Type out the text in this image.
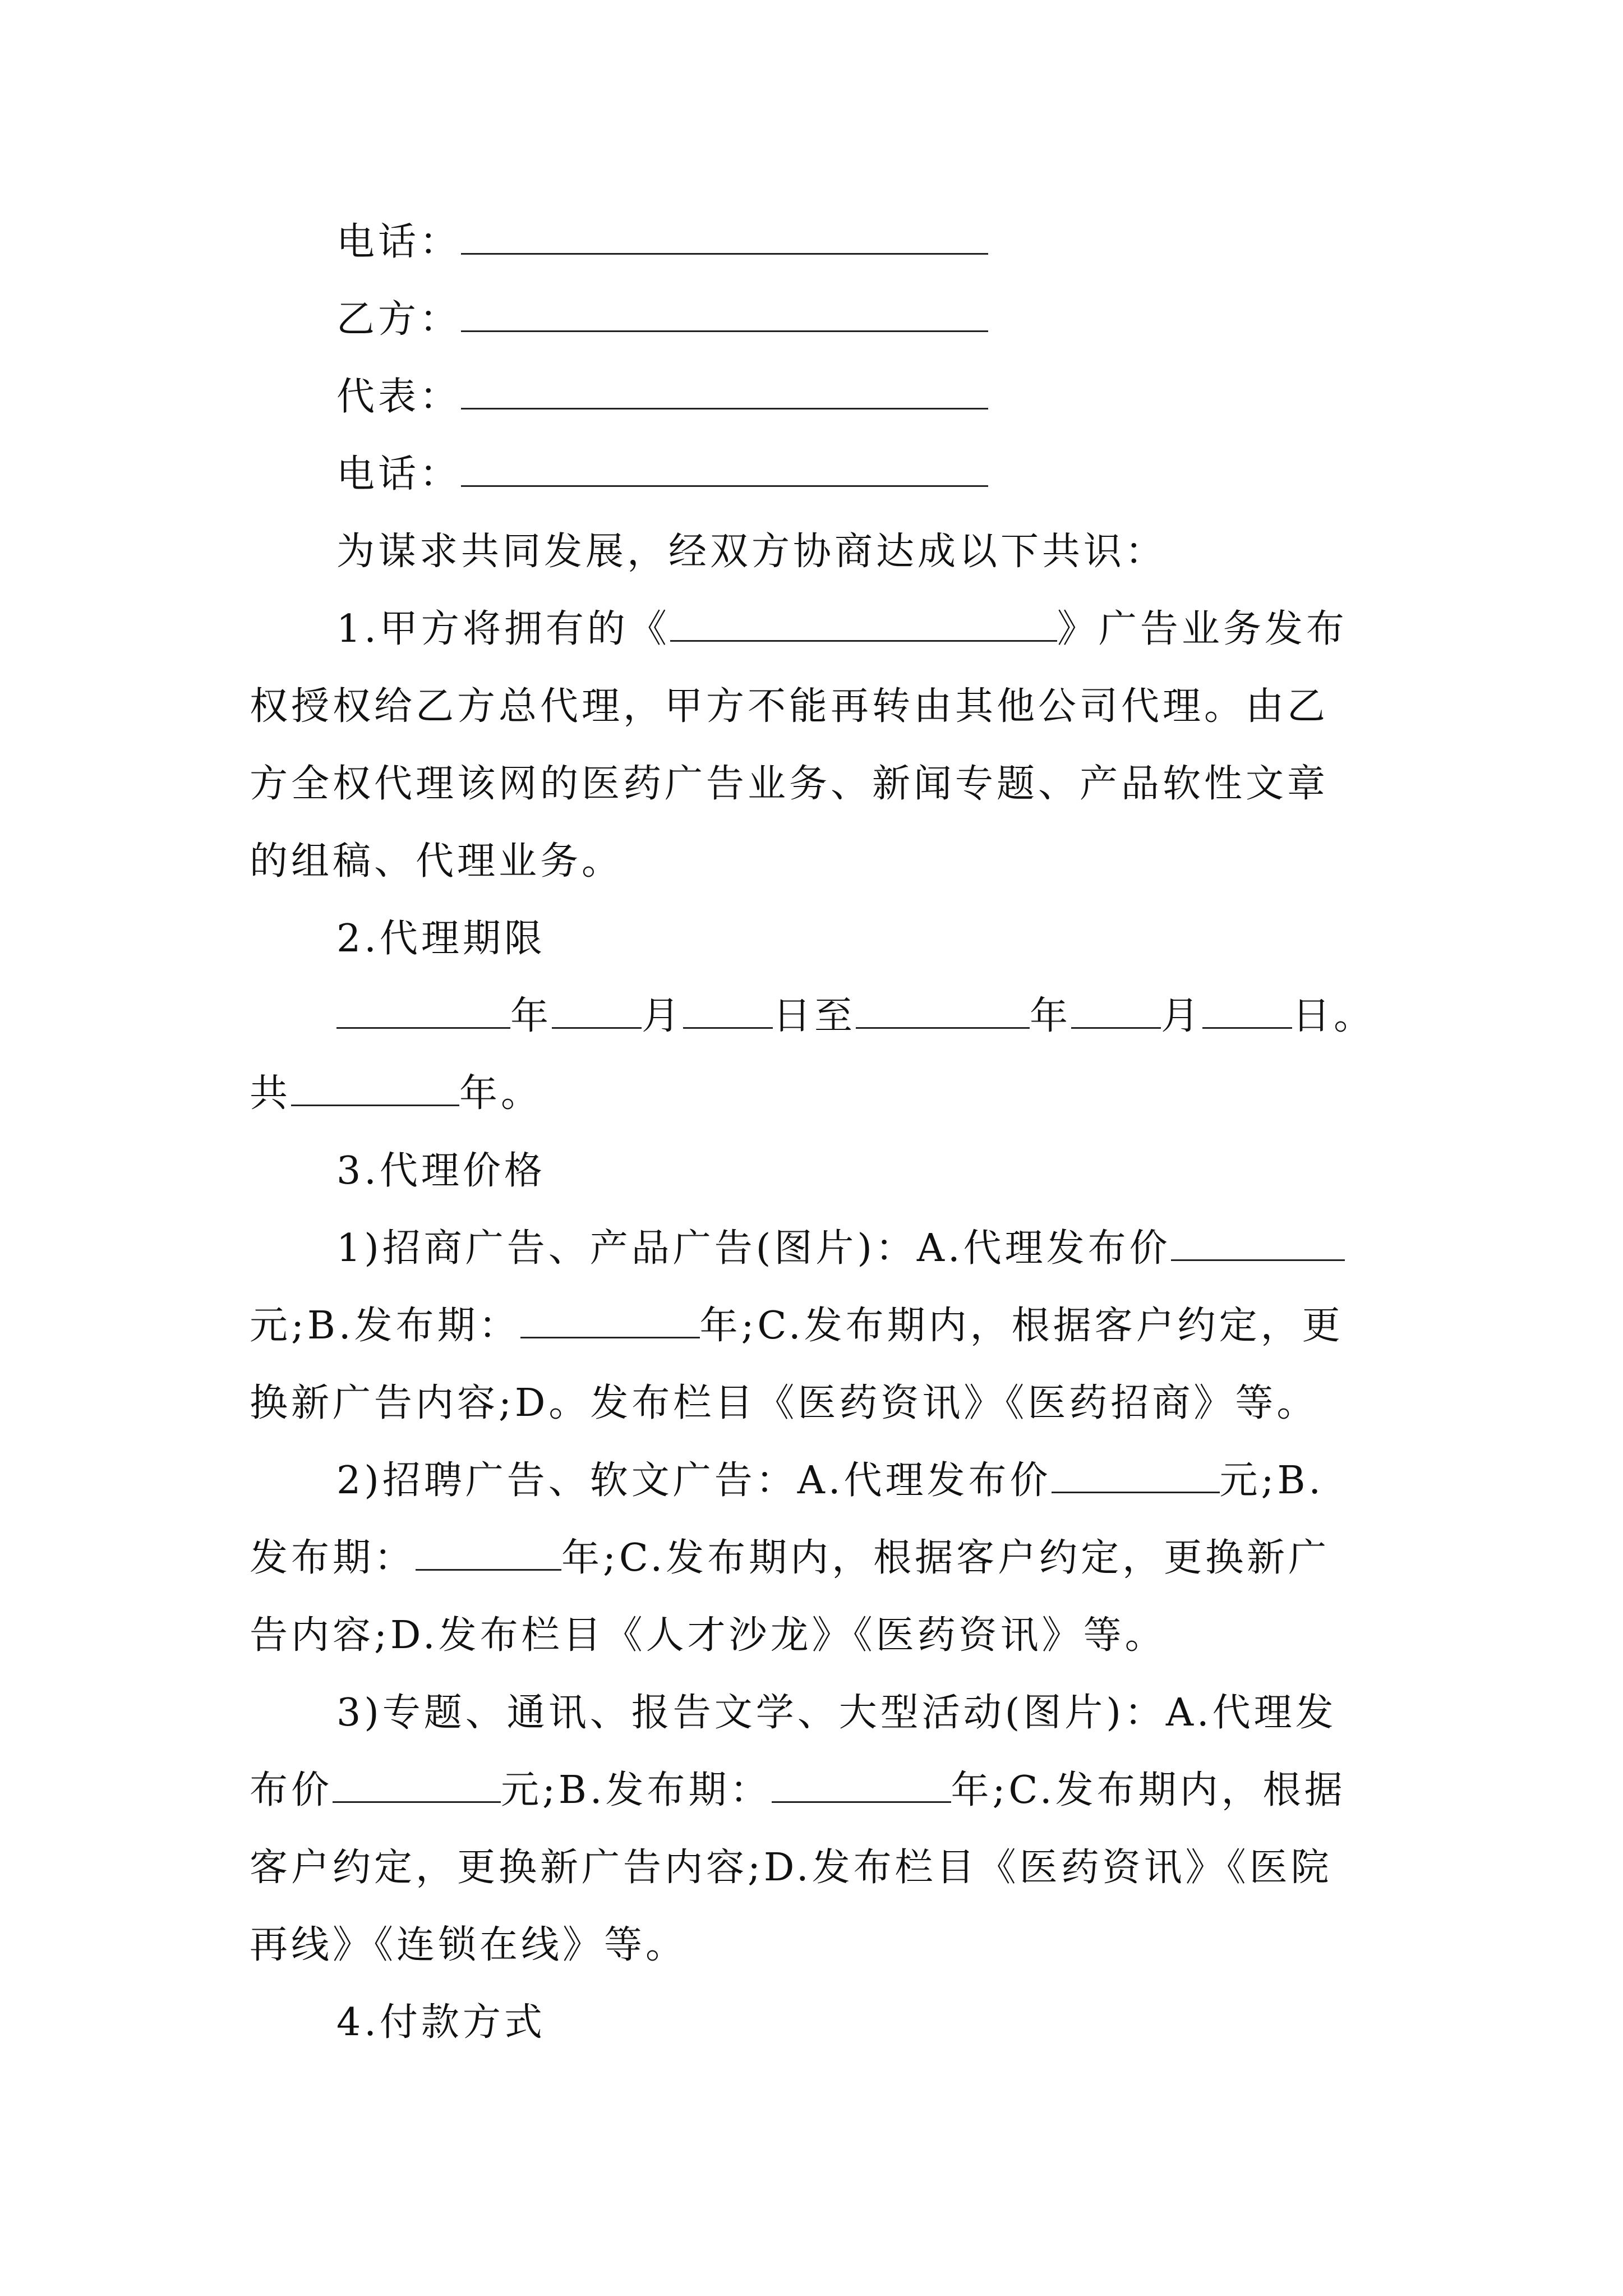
电话：
乙方：
代表：
电话：
为谋求共同发展，经双方协商达成以下共识：
1.甲方将拥有的《	》广告业务发布
权授权给乙方总代理，甲方不能再转由其他公司代理。由乙
方全权代理该网的医药广告业务、新闻专题、产品软性文章
的组稿、代理业务。
2.代理期限
年 月 日至	年 月 日。
共	年。
3.代理价格
1)招商广告、产品广告(图片)：A.代理发布价
元;B.发布期：	年;C.发布期内，根据客户约定，更
换新广告内容;D。发布栏目《医药资讯》《医药招商》等。
2)招聘广告、软文广告：A.代理发布价	元;B.
发布期：	年;C.发布期内，根据客户约定，更换新广
告内容;D.发布栏目《人才沙龙》《医药资讯》等。
3)专题、通讯、报告文学、大型活动(图片)：A.代理发
布价	元;B.发布期：	年;C.发布期内，根据
客户约定，更换新广告内容;D.发布栏目《医药资讯》《医院
再线》《连锁在线》等。
4.付款方式
